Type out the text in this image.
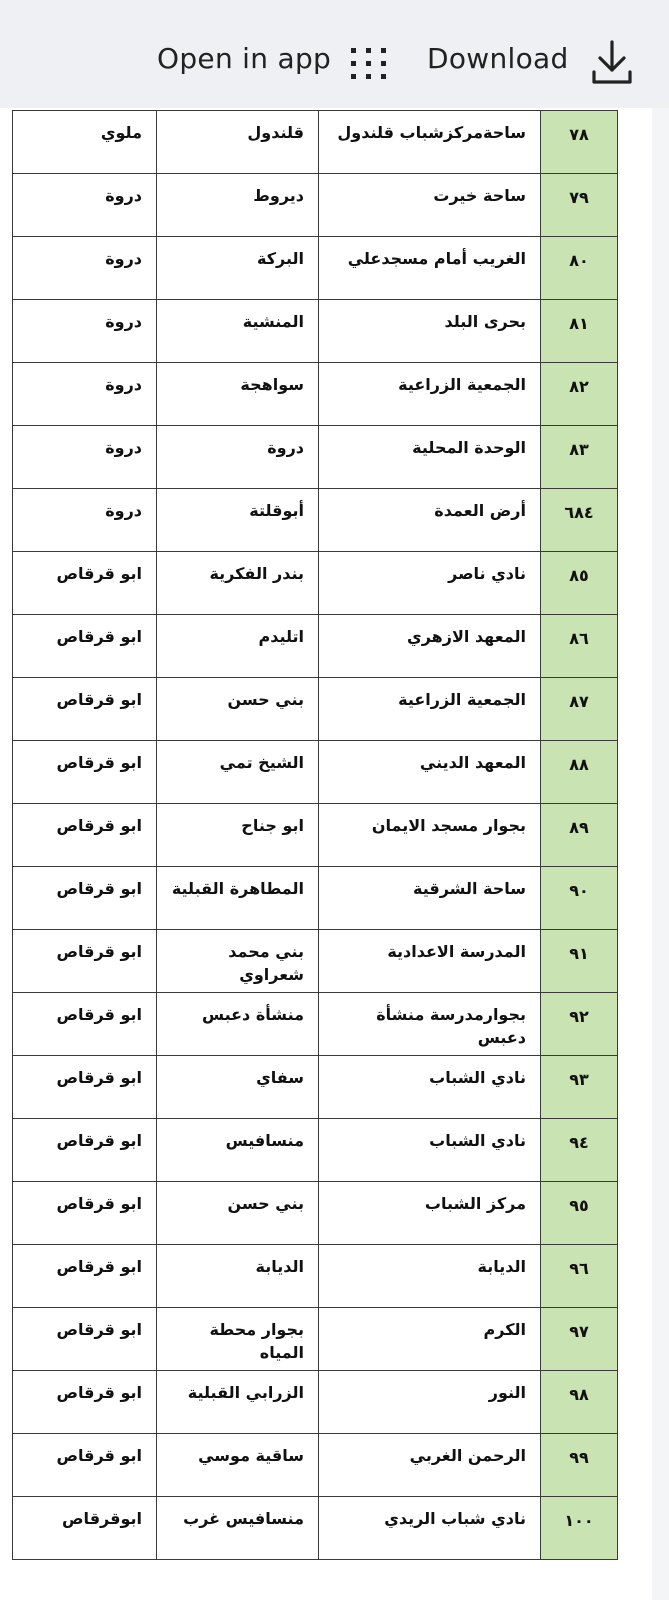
Open in app	Download
ملوي	قلندول	ساحةمركزشباب قلندول	٧٨
دروة	ديروط	ساحة خيرت	٧٩
دروة	البركة	الغريب أمام مسجدعلي	٨٠
دروة	المنشية	بحرى البلد	٨١
دروة	سواهجة	الجمعية الزراعية	٨٢
دروة	دروة	الوحدة المحلية	٨٣
دروة	أبوقلتة	أرض العمدة	٦٨٤
ابو قرقاص	بندر الفكرية	نادي ناصر	٨٥
ابو قرقاص	اتليدم	المعهد الازهري	٨٦
ابو قرقاص	بني حسن	الجمعية الزراعية	٨٧
ابو قرقاص	الشيخ تمي	المعهد الديني	٨٨
ابو قرقاص	ابو جناح	بجوار مسجد الايمان	٨٩
ابو قرقاص	المطاهرة القبلية	ساحة الشرقية	٩٠
ابو قرقاص	بني محمد شعراوي	المدرسة الاعدادية	٩١
ابو قرقاص	منشأة دعبس	بجوارمدرسة منشأة دعبس	٩٢
ابو قرقاص	سفاي	نادي الشباب	٩٣
ابو قرقاص	منسافيس	نادي الشباب	٩٤
ابو قرقاص	بني حسن	مركز الشباب	٩٥
ابو قرقاص	الديابة	الديابة	٩٦
ابو قرقاص	بجوار محطة المياه	الكرم	٩٧
ابو قرقاص	الزرابي القبلية	النور	٩٨
ابو قرقاص	ساقية موسي	الرحمن الغربي	٩٩
ابوقرقاص	منسافيس غرب	نادي شباب الريدي	١٠٠
